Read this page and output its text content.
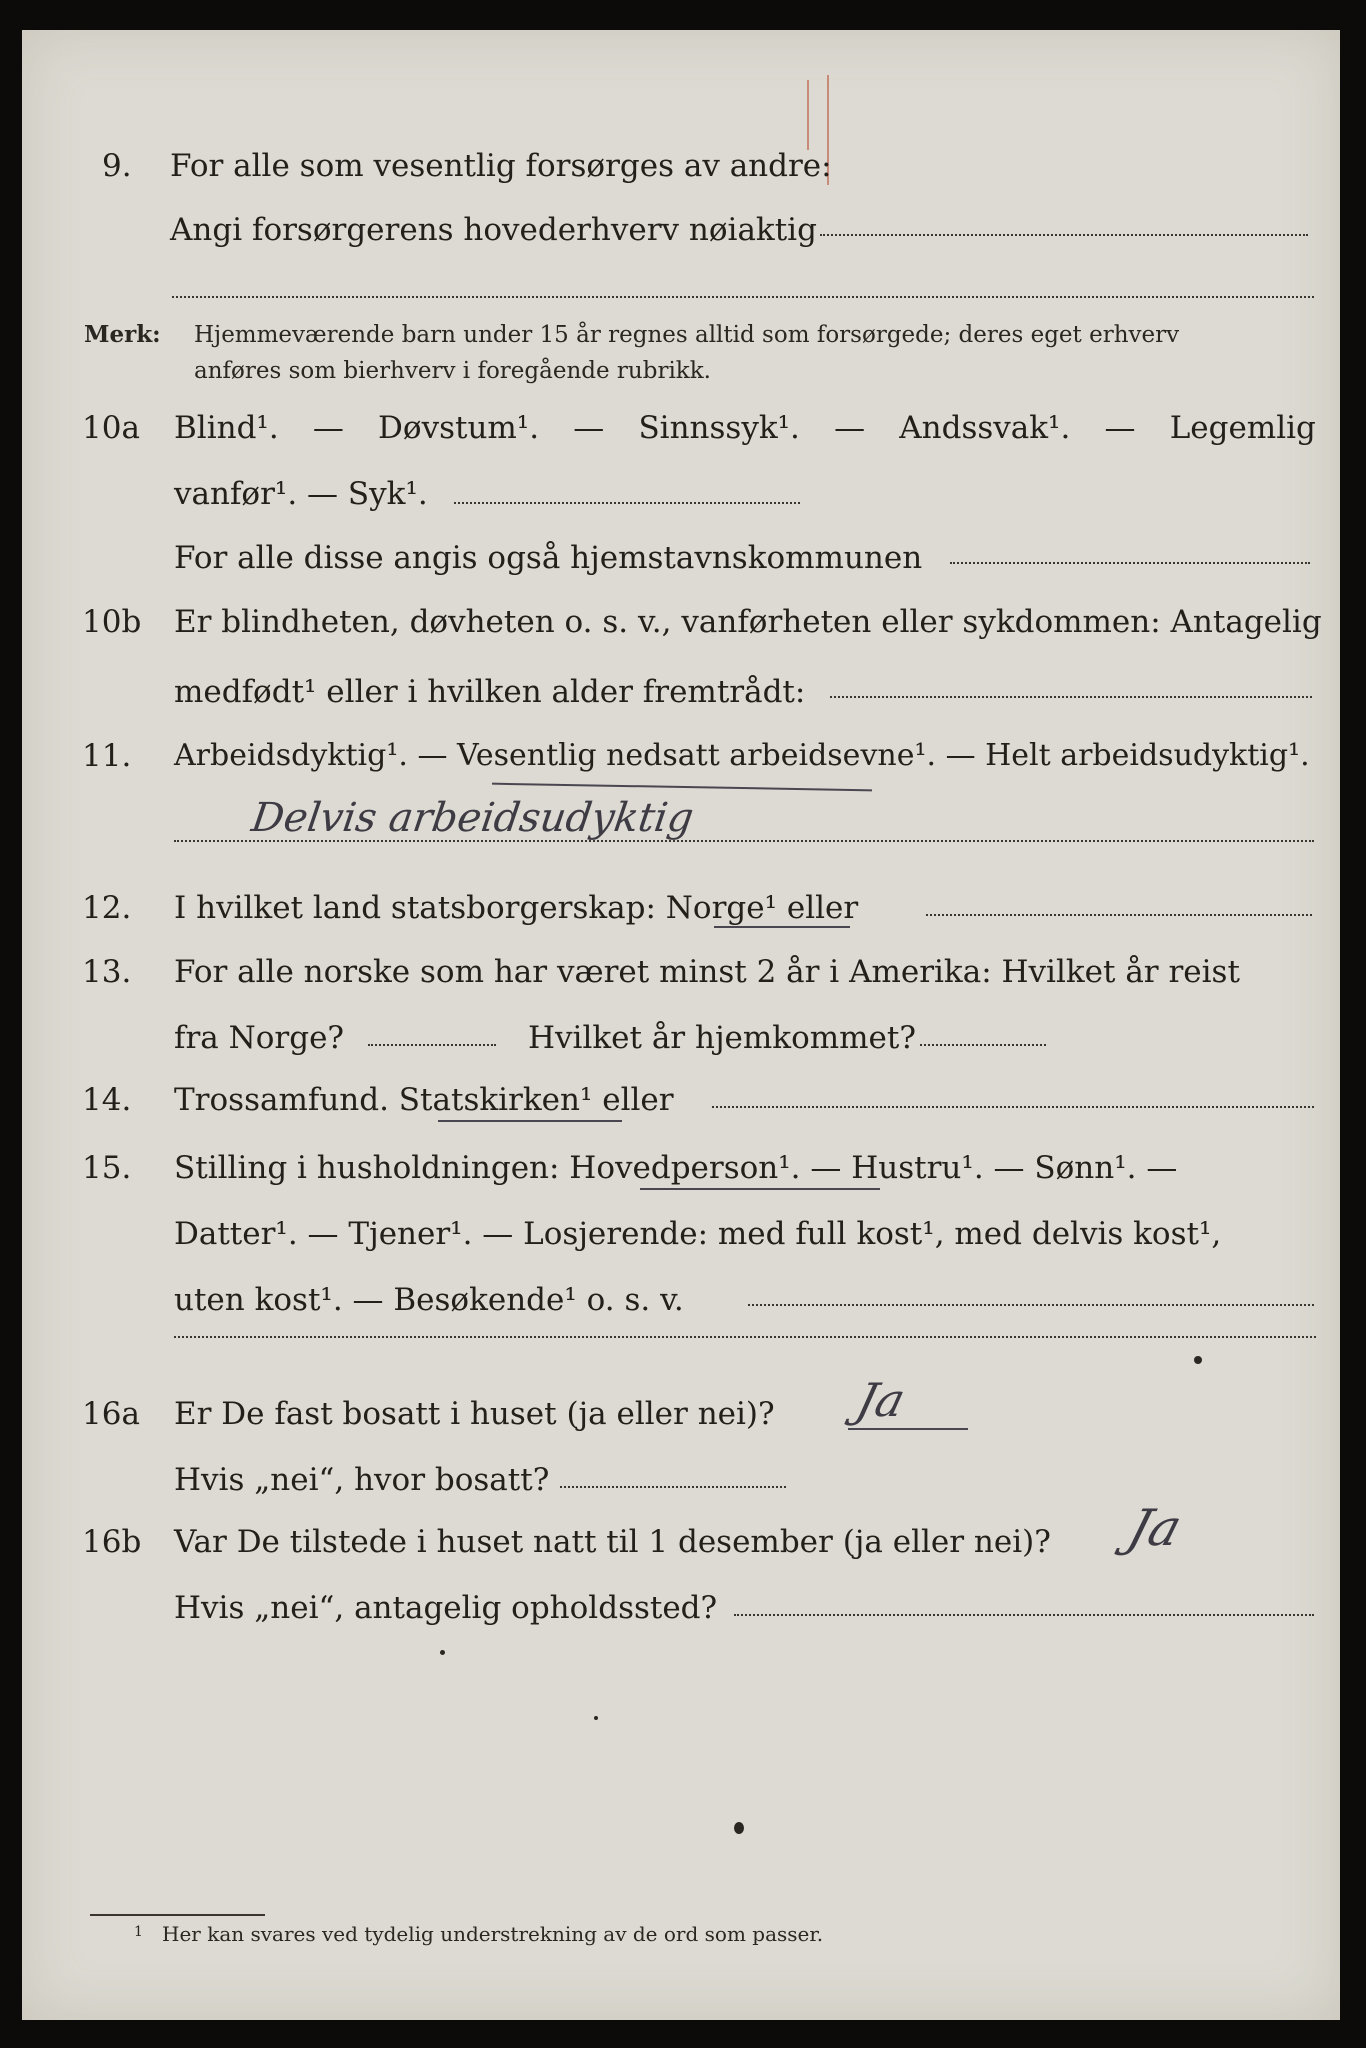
9. For alle som vesentlig forsørges av andre:
Angi forsørgerens hovederhverv nøiaktig
Merk: Hjemmeværende barn under 15 år regnes alltid som forsørgede; deres eget erhverv
anføres som bierhverv i foregående rubrikk.
10a Blind¹. — Døvstum¹. — Sinnssyk¹. — Andssvak¹. — Legemlig
vanfør¹. — Syk¹.
For alle disse angis også hjemstavnskommunen
10b Er blindheten, døvheten o. s. v., vanførheten eller sykdommen: Antagelig
medfødt¹ eller i hvilken alder fremtrådt:
11. Arbeidsdyktig¹. — Vesentlig nedsatt arbeidsevne¹. — Helt arbeidsudyktig¹.
Delvis arbeidsudyktig
12. I hvilket land statsborgerskap: Norge¹ eller
13. For alle norske som har været minst 2 år i Amerika: Hvilket år reist
fra Norge?	Hvilket år hjemkommet?
14. Trossamfund. Statskirken¹ eller
15. Stilling i husholdningen: Hovedperson¹. — Hustru¹. — Sønn¹. —
Datter¹. — Tjener¹. — Losjerende: med full kost¹, med delvis kost¹,
uten kost¹. — Besøkende¹ o. s. v.
16a Er De fast bosatt i huset (ja eller nei)? Ja
Hvis „nei“, hvor bosatt?
16b Var De tilstede i huset natt til 1 desember (ja eller nei)? Ja
Hvis „nei“, antagelig opholdssted?
1 Her kan svares ved tydelig understrekning av de ord som passer.
